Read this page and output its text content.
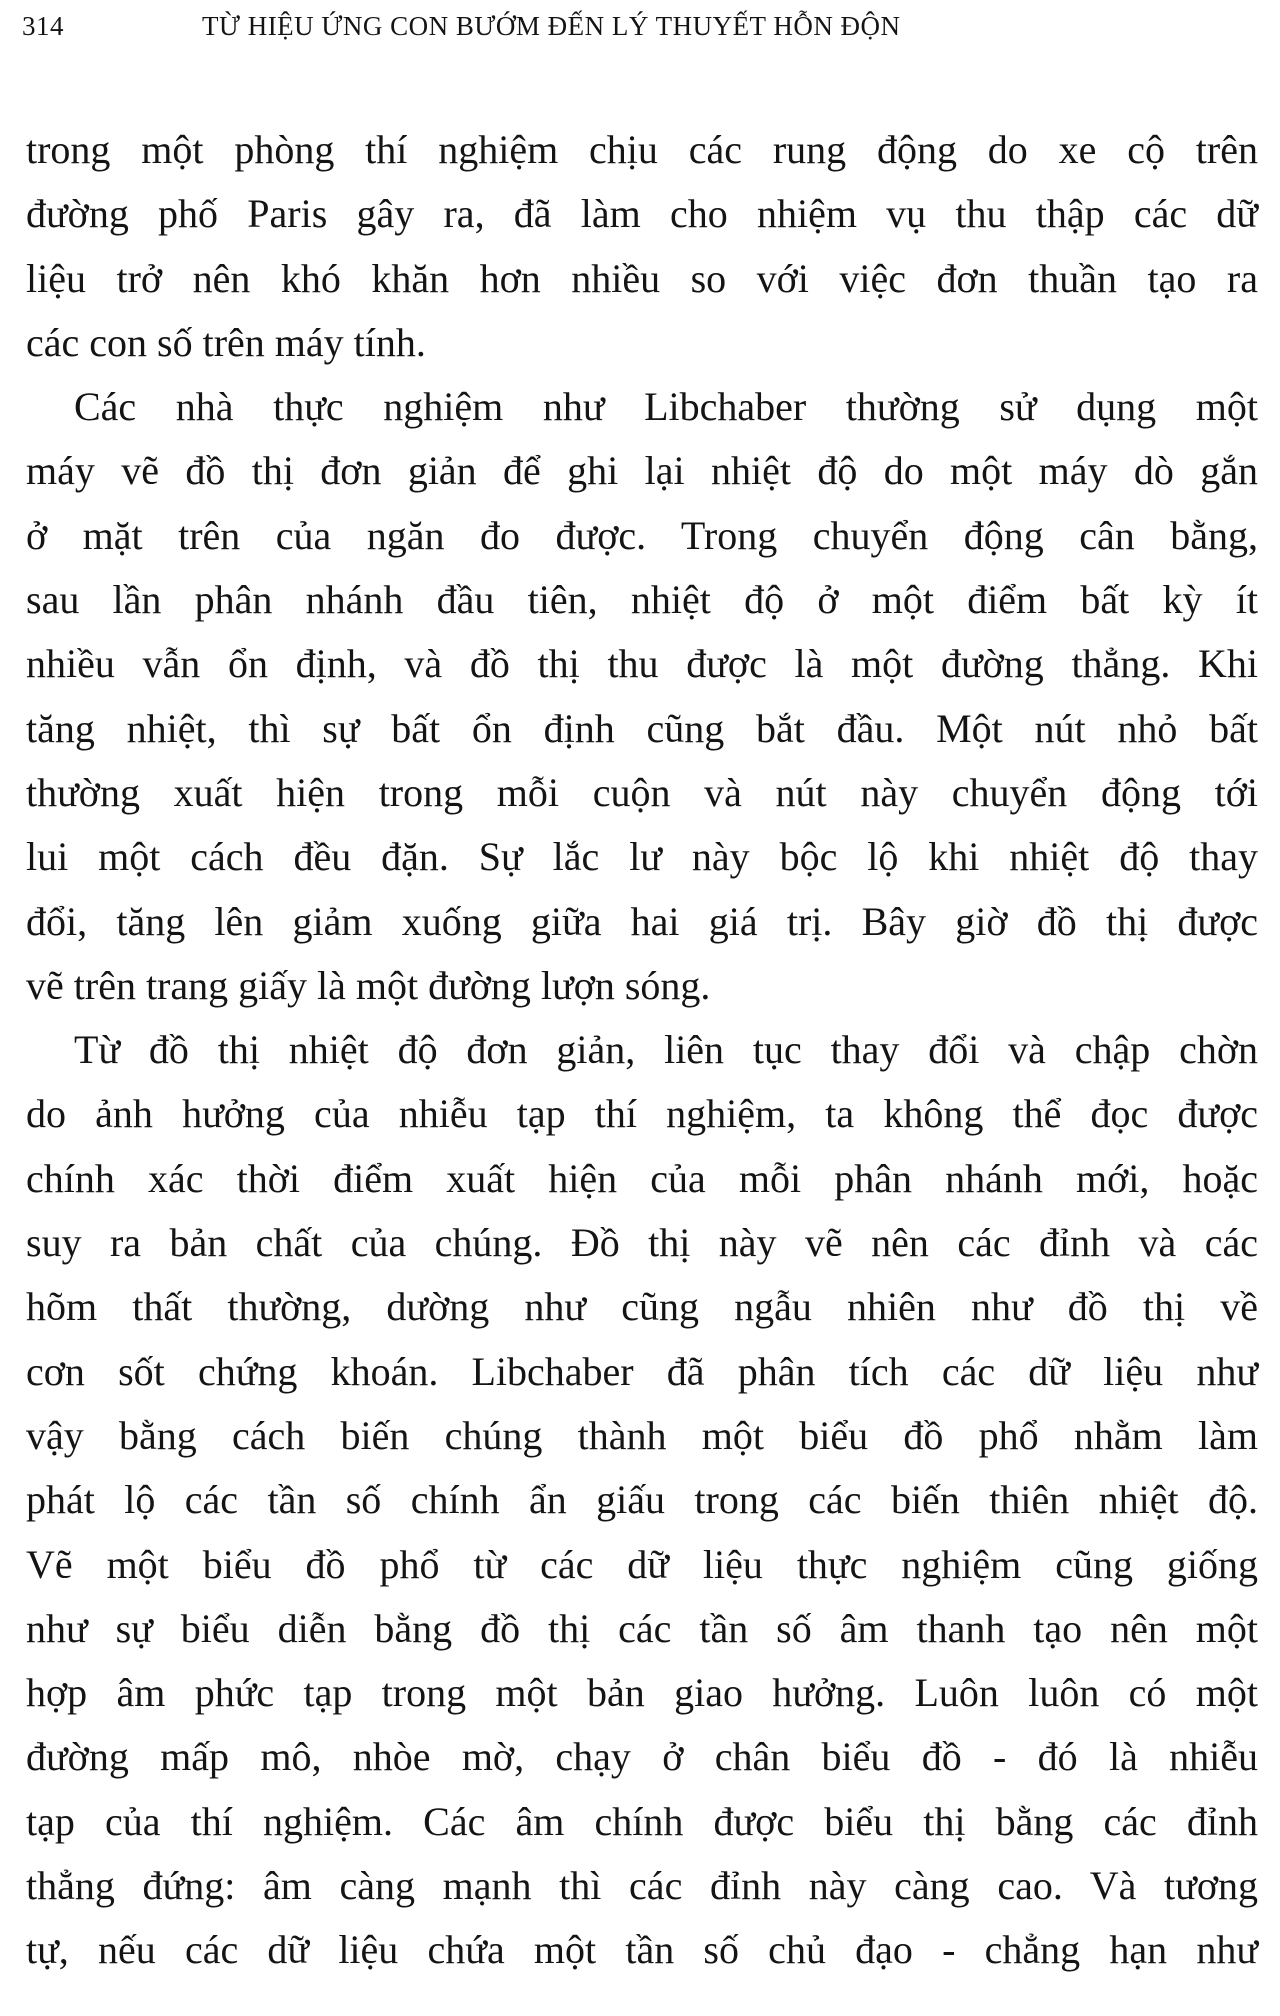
314	TỪ HIỆU ỨNG CON BƯỚM ĐẾN LÝ THUYẾT HỖN ĐỘN
trong một phòng thí nghiệm chịu các rung động do xe cộ trên
đường phố Paris gây ra, đã làm cho nhiệm vụ thu thập các dữ
liệu trở nên khó khăn hơn nhiều so với việc đơn thuần tạo ra
các con số trên máy tính.
Các nhà thực nghiệm như Libchaber thường sử dụng một
máy vẽ đồ thị đơn giản để ghi lại nhiệt độ do một máy dò gắn
ở mặt trên của ngăn đo được. Trong chuyển động cân bằng,
sau lần phân nhánh đầu tiên, nhiệt độ ở một điểm bất kỳ ít
nhiều vẫn ổn định, và đồ thị thu được là một đường thẳng. Khi
tăng nhiệt, thì sự bất ổn định cũng bắt đầu. Một nút nhỏ bất
thường xuất hiện trong mỗi cuộn và nút này chuyển động tới
lui một cách đều đặn. Sự lắc lư này bộc lộ khi nhiệt độ thay
đổi, tăng lên giảm xuống giữa hai giá trị. Bây giờ đồ thị được
vẽ trên trang giấy là một đường lượn sóng.
Từ đồ thị nhiệt độ đơn giản, liên tục thay đổi và chập chờn
do ảnh hưởng của nhiễu tạp thí nghiệm, ta không thể đọc được
chính xác thời điểm xuất hiện của mỗi phân nhánh mới, hoặc
suy ra bản chất của chúng. Đồ thị này vẽ nên các đỉnh và các
hõm thất thường, dường như cũng ngẫu nhiên như đồ thị về
cơn sốt chứng khoán. Libchaber đã phân tích các dữ liệu như
vậy bằng cách biến chúng thành một biểu đồ phổ nhằm làm
phát lộ các tần số chính ẩn giấu trong các biến thiên nhiệt độ.
Vẽ một biểu đồ phổ từ các dữ liệu thực nghiệm cũng giống
như sự biểu diễn bằng đồ thị các tần số âm thanh tạo nên một
hợp âm phức tạp trong một bản giao hưởng. Luôn luôn có một
đường mấp mô, nhòe mờ, chạy ở chân biểu đồ - đó là nhiễu
tạp của thí nghiệm. Các âm chính được biểu thị bằng các đỉnh
thẳng đứng: âm càng mạnh thì các đỉnh này càng cao. Và tương
tự, nếu các dữ liệu chứa một tần số chủ đạo - chẳng hạn như
